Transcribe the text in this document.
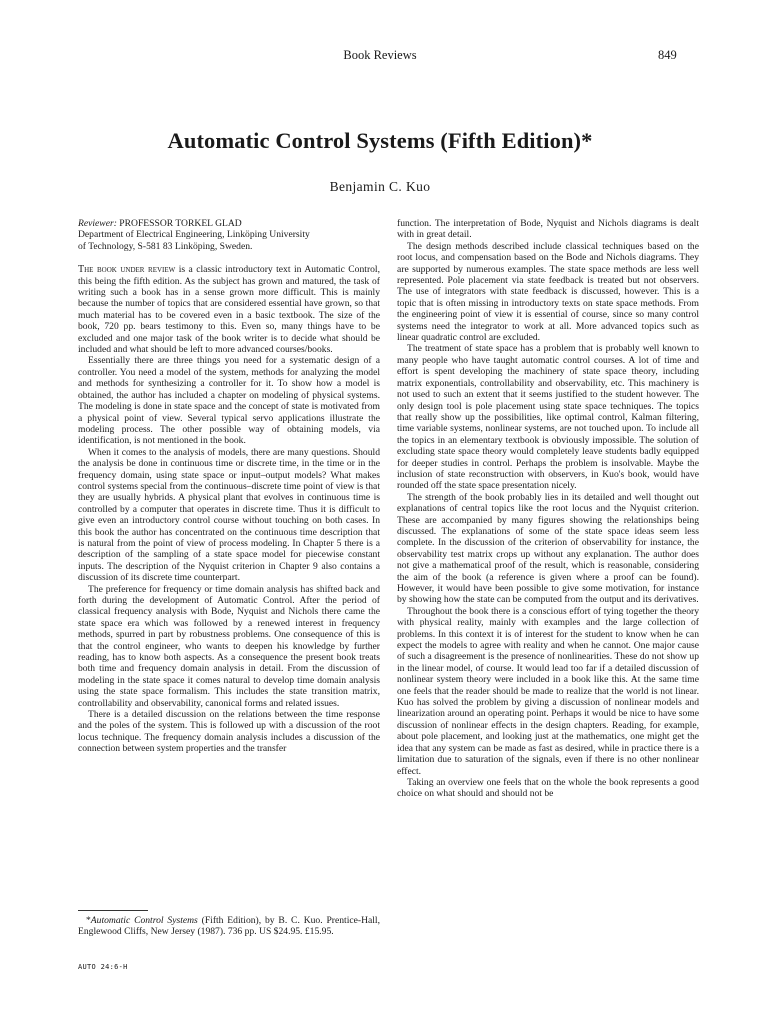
Book Reviews	849
Automatic Control Systems (Fifth Edition)*
Benjamin C. Kuo
Reviewer: PROFESSOR TORKEL GLAD
Department of Electrical Engineering, Linköping University
of Technology, S-581 83 Linköping, Sweden.

The book under review is a classic introductory text in Automatic Control, this being the fifth edition. As the subject has grown and matured, the task of writing such a book has in a sense grown more difficult. This is mainly because the number of topics that are considered essential have grown, so that much material has to be covered even in a basic textbook. The size of the book, 720 pp. bears testimony to this. Even so, many things have to be excluded and one major task of the book writer is to decide what should be included and what should be left to more advanced courses/books.

Essentially there are three things you need for a systematic design of a controller. You need a model of the system, methods for analyzing the model and methods for synthesizing a controller for it. To show how a model is obtained, the author has included a chapter on modeling of physical systems. The modeling is done in state space and the concept of state is motivated from a physical point of view. Several typical servo applications illustrate the modeling process. The other possible way of obtaining models, via identification, is not mentioned in the book.

When it comes to the analysis of models, there are many questions. Should the analysis be done in continuous time or discrete time, in the time or in the frequency domain, using state space or input–output models? What makes control systems special from the continuous–discrete time point of view is that they are usually hybrids. A physical plant that evolves in continuous time is controlled by a computer that operates in discrete time. Thus it is difficult to give even an introductory control course without touching on both cases. In this book the author has concentrated on the continuous time description that is natural from the point of view of process modeling. In Chapter 5 there is a description of the sampling of a state space model for piecewise constant inputs. The description of the Nyquist criterion in Chapter 9 also contains a discussion of its discrete time counterpart.

The preference for frequency or time domain analysis has shifted back and forth during the development of Automatic Control. After the period of classical frequency analysis with Bode, Nyquist and Nichols there came the state space era which was followed by a renewed interest in frequency methods, spurred in part by robustness problems. One consequence of this is that the control engineer, who wants to deepen his knowledge by further reading, has to know both aspects. As a consequence the present book treats both time and frequency domain analysis in detail. From the discussion of modeling in the state space it comes natural to develop time domain analysis using the state space formalism. This includes the state transition matrix, controllability and observability, canonical forms and related issues.

There is a detailed discussion on the relations between the time response and the poles of the system. This is followed up with a discussion of the root locus technique. The frequency domain analysis includes a discussion of the connection between system properties and the transfer

function. The interpretation of Bode, Nyquist and Nichols diagrams is dealt with in great detail.

The design methods described include classical techniques based on the root locus, and compensation based on the Bode and Nichols diagrams. They are supported by numerous examples. The state space methods are less well represented. Pole placement via state feedback is treated but not observers. The use of integrators with state feedback is discussed, however. This is a topic that is often missing in introductory texts on state space methods. From the engineering point of view it is essential of course, since so many control systems need the integrator to work at all. More advanced topics such as linear quadratic control are excluded.

The treatment of state space has a problem that is probably well known to many people who have taught automatic control courses. A lot of time and effort is spent developing the machinery of state space theory, including matrix exponentials, controllability and observability, etc. This machinery is not used to such an extent that it seems justified to the student however. The only design tool is pole placement using state space techniques. The topics that really show up the possibilities, like optimal control, Kalman filtering, time variable systems, nonlinear systems, are not touched upon. To include all the topics in an elementary textbook is obviously impossible. The solution of excluding state space theory would completely leave students badly equipped for deeper studies in control. Perhaps the problem is insolvable. Maybe the inclusion of state reconstruction with observers, in Kuo's book, would have rounded off the state space presentation nicely.

The strength of the book probably lies in its detailed and well thought out explanations of central topics like the root locus and the Nyquist criterion. These are accompanied by many figures showing the relationships being discussed. The explanations of some of the state space ideas seem less complete. In the discussion of the criterion of observability for instance, the observability test matrix crops up without any explanation. The author does not give a mathematical proof of the result, which is reasonable, considering the aim of the book (a reference is given where a proof can be found). However, it would have been possible to give some motivation, for instance by showing how the state can be computed from the output and its derivatives.

Throughout the book there is a conscious effort of tying together the theory with physical reality, mainly with examples and the large collection of problems. In this context it is of interest for the student to know when he can expect the models to agree with reality and when he cannot. One major cause of such a disagreement is the presence of nonlinearities. These do not show up in the linear model, of course. It would lead too far if a detailed discussion of nonlinear system theory were included in a book like this. At the same time one feels that the reader should be made to realize that the world is not linear. Kuo has solved the problem by giving a discussion of nonlinear models and linearization around an operating point. Perhaps it would be nice to have some discussion of nonlinear effects in the design chapters. Reading, for example, about pole placement, and looking just at the mathematics, one might get the idea that any system can be made as fast as desired, while in practice there is a limitation due to saturation of the signals, even if there is no other nonlinear effect.

Taking an overview one feels that on the whole the book represents a good choice on what should and should not be

*Automatic Control Systems (Fifth Edition), by B. C. Kuo. Prentice-Hall, Englewood Cliffs, New Jersey (1987). 736 pp. US $24.95. £15.95.

AUTO 24:6-H
